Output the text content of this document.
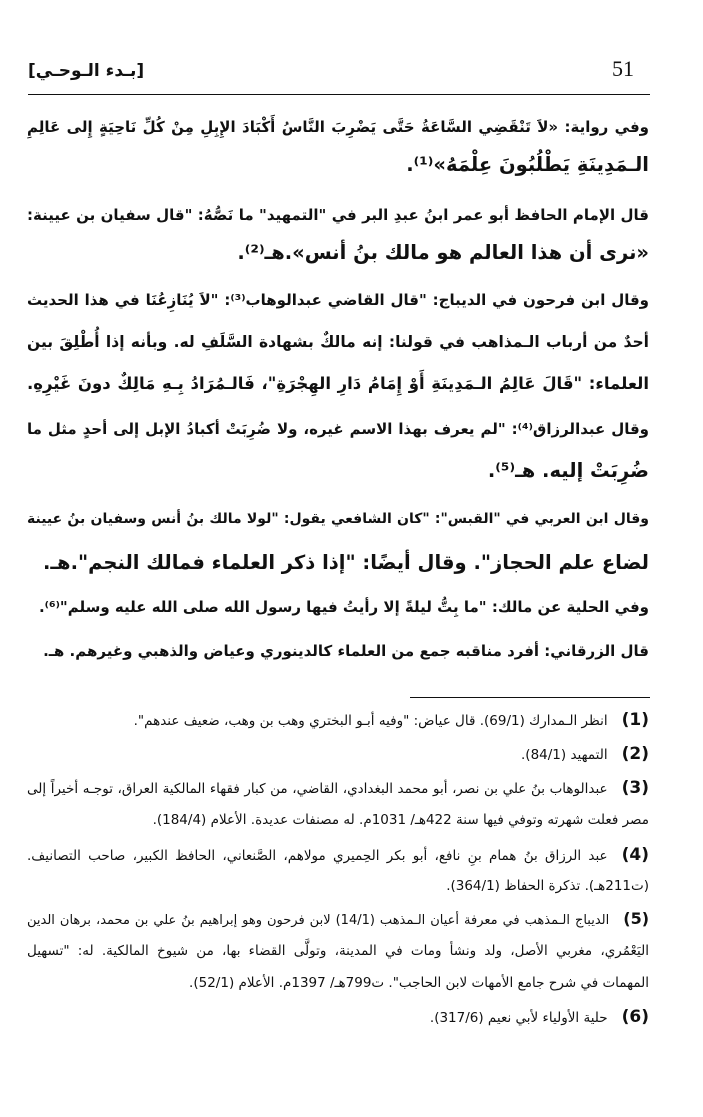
51
[بـدء الـوحـي]
وفي رواية: «لاَ تَنْقَضِي السَّاعَةُ حَتَّى يَضْرِبَ النَّاسُ أَكْبَادَ الإِبِلِ مِنْ كُلِّ نَاحِيَةٍ إِلى عَالِمِ
الـمَدِينَةِ يَطْلُبُونَ عِلْمَهُ»⁽¹⁾.
قال الإمام الحافظ أبو عمر ابنُ عبدِ البر في "التمهيد" ما نَصُّهُ: "قال سفيان بن عيينة:
«نرى أن هذا العالم هو مالك بنُ أنس».هـ⁽²⁾.
وقال ابن فرحون في الديباج: "قال القاضي عبدالوهاب⁽³⁾: "لاَ يُنَازِعُنَا في هذا الحديث
أحدٌ من أرباب الـمذاهب في قولنا: إنه مالكٌ بشهادة السَّلَفِ له. وبأنه إذا أُطْلِقَ بين
العلماء: "قَالَ عَالِمُ الـمَدِينَةِ أَوْ إِمَامُ دَارِ الهِجْرَةِ"، فَالـمُرَادُ بِـهِ مَالِكٌ دونَ غَيْرِهِ.
وقال عبدالرزاق⁽⁴⁾: "لم يعرف بهذا الاسم غيره، ولا ضُرِبَتْ أكبادُ الإبل إلى أحدٍ مثل ما
ضُرِبَتْ إليه. هـ⁽⁵⁾.
وقال ابن العربي في "القبس": "كان الشافعي يقول: "لولا مالك بنُ أنس وسفيان بنُ عيينة
لضاع علم الحجاز". وقال أيضًا: "إذا ذكر العلماء فمالك النجم".هـ.
وفي الحلية عن مالك: "ما بِتُّ ليلةً إلا رأيتُ فيها رسول الله صلى الله عليه وسلم"⁽⁶⁾.
قال الزرقاني: أفرد مناقبه جمع من العلماء كالدينوري وعياض والذهبي وغيرهم. هـ.
(1)انظر الـمدارك (69/1). قال عياض: "وفيه أبـو البختري وهب بن وهب، ضعيف عندهم".
(2)التمهيد (84/1).
(3)عبدالوهاب بنُ علي بن نصر، أبو محمد البغدادي، القاضي، من كبار فقهاء المالكية العراق، توجـه أخيراً إلى
مصر فعلت شهرته وتوفي فيها سنة 422هـ/ 1031م. له مصنفات عديدة. الأعلام (184/4).
(4)عبد الرزاق بنُ همام بنِ نافع، أبو بكر الحِميري مولاهم، الصَّنعاني، الحافظ الكبير، صاحب التصانيف.
(ت211هـ). تذكرة الحفاظ (364/1).
(5)الديباج الـمذهب في معرفة أعيان الـمذهب (14/1) لابن فرحون وهو إبراهيم بنُ علي بن محمد، برهان الدين
اليَعْمُري، مغربي الأصل، ولد ونشأ ومات في المدينة، وتولَّى القضاء بها، من شيوخ المالكية. له: "تسهيل
المهمات في شرح جامع الأمهات لابن الحاجب". ت799هـ/ 1397م. الأعلام (52/1).
(6)حلية الأولياء لأبي نعيم (317/6).
